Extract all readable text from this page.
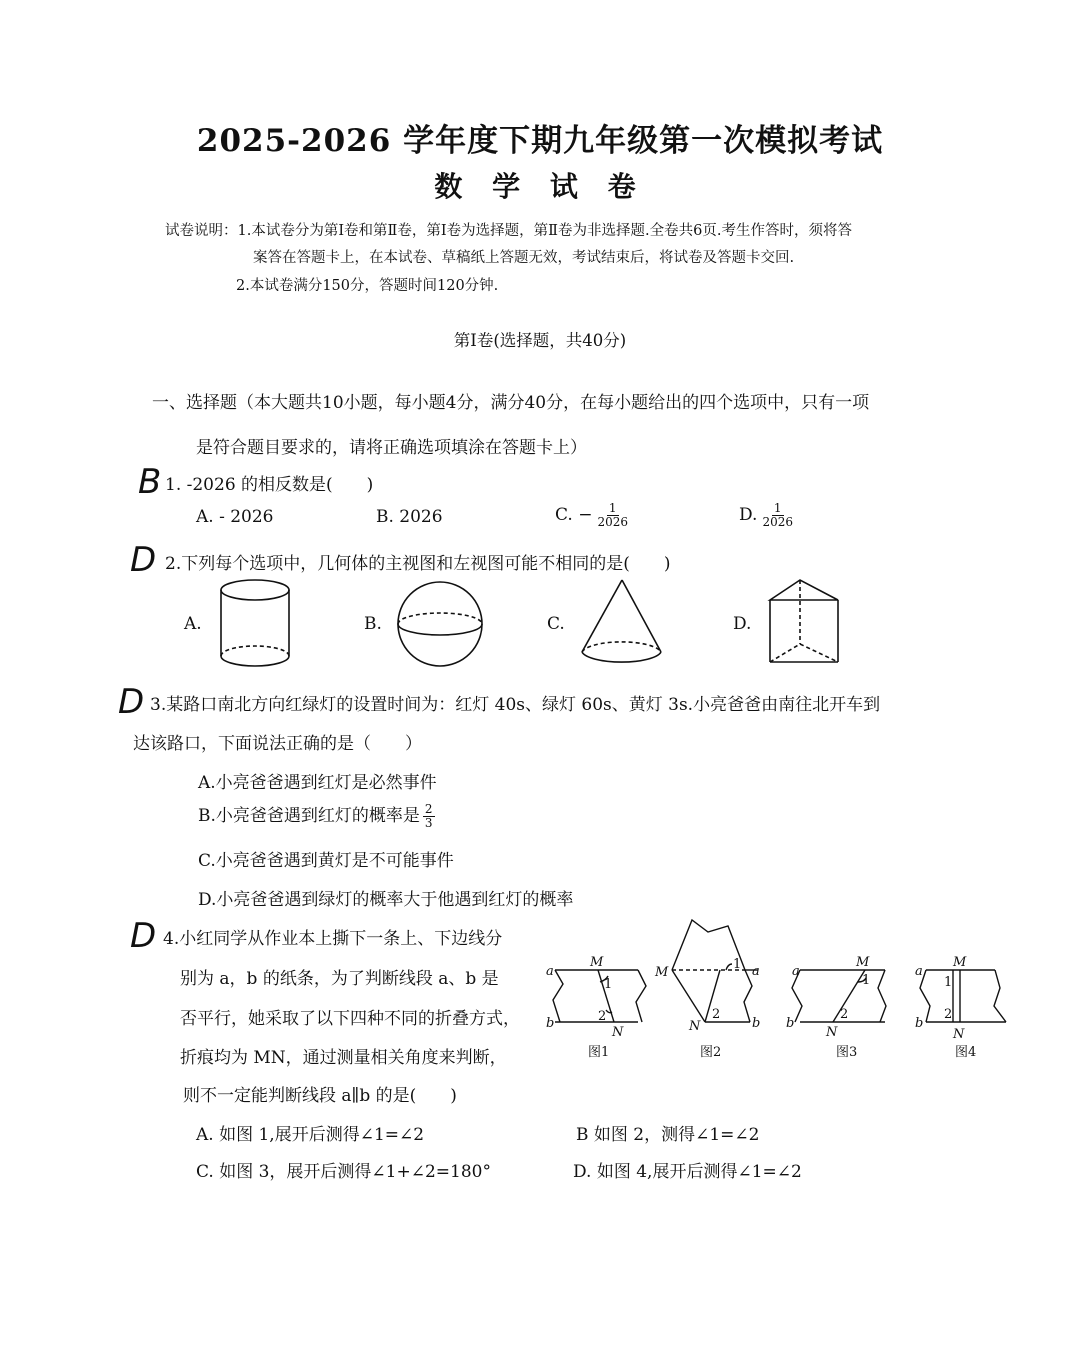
2025-2026 学年度下期九年级第一次模拟考试
数 学 试 卷
试卷说明：1.本试卷分为第Ⅰ卷和第Ⅱ卷，第Ⅰ卷为选择题，第Ⅱ卷为非选择题.全卷共6页.考生作答时，须将答
案答在答题卡上，在本试卷、草稿纸上答题无效，考试结束后，将试卷及答题卡交回.
2.本试卷满分150分，答题时间120分钟.
第Ⅰ卷(选择题，共40分)
一、选择题（本大题共10小题，每小题4分，满分40分，在每小题给出的四个选项中，只有一项
是符合题目要求的，请将正确选项填涂在答题卡上）
B
D
D
D
1. -2026 的相反数是(　　)
A. - 2026	B. 2026	C. − $\frac{1}{2026}$	D. $\frac{1}{2026}$
2.下列每个选项中，几何体的主视图和左视图可能不相同的是(　　)
A.	B.	C.	D.
3.某路口南北方向红绿灯的设置时间为：红灯 40s、绿灯 60s、黄灯 3s.小亮爸爸由南往北开车到
达该路口，下面说法正确的是（　　）
A.小亮爸爸遇到红灯是必然事件
B.小亮爸爸遇到红灯的概率是 $\frac{2}{3}$
C.小亮爸爸遇到黄灯是不可能事件
D.小亮爸爸遇到绿灯的概率大于他遇到红灯的概率
4.小红同学从作业本上撕下一条上、下边线分
别为 a，b 的纸条，为了判断线段 a、b 是
否平行，她采取了以下四种不同的折叠方式，
折痕均为 MN，通过测量相关角度来判断，
则不一定能判断线段 a∥b 的是(　　)
A. 如图 1,展开后测得∠1=∠2	B 如图 2，测得∠1=∠2
C. 如图 3，展开后测得∠1+∠2=180°	D. 如图 4,展开后测得∠1=∠2
a
b
M
N
1
2
图1
M	a
b
N
1
2
图2
a
b
M
N
1
2
图3
a
b
M
N
1
2
图4
